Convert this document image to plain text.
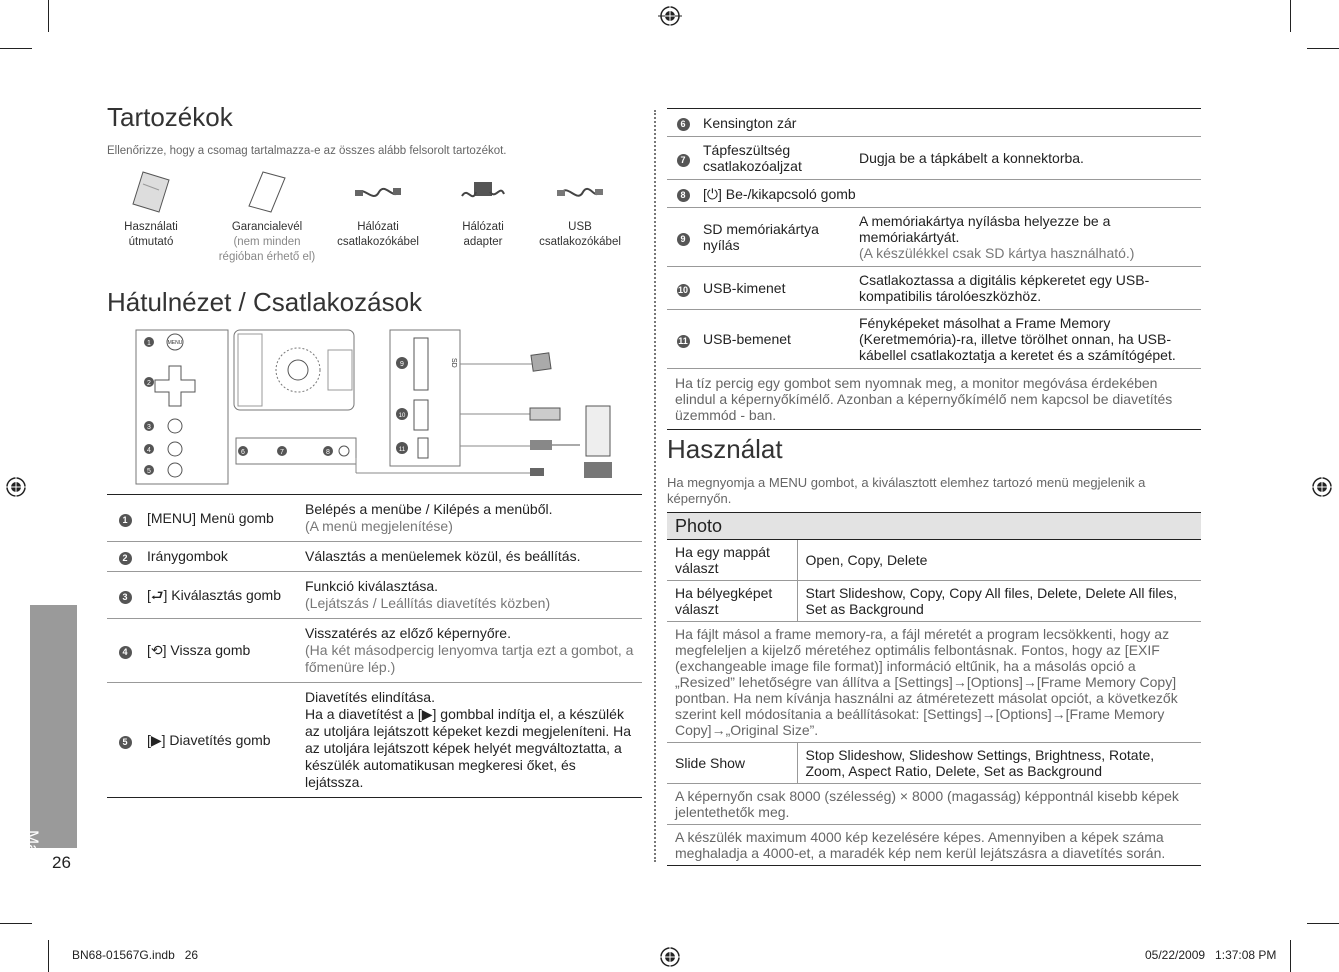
Tartozékok
Ellenőrizze, hogy a csomag tartalmazza-e az összes alább felsorolt tartozékot.
Használati útmutató
Garancialevél
(nem minden régióban érhető el)
Hálózati csatlakozókábel
Hálózati adapter
USB csatlakozókábel
Hátulnézet / Csatlakozások
1	MENU
2
3
4
5
6	7	8
9	SD
10
11
1	[MENU] Menü gomb	Belépés a menübe / Kilépés a menüből.
(A menü megjelenítése)

2	Iránygombok	Választás a menüelemek közül, és beállítás.
3	[⮐] Kiválasztás gomb	Funkció kiválasztása.
(Lejátszás / Leállítás diavetítés közben)

4	[⟲] Vissza gomb	Visszatérés az előző képernyőre.
(Ha két másodpercig lenyomva tartja ezt a gombot, a főmenüre lép.)

5	[▶] Diavetítés gomb	Diavetítés elindítása.
Ha a diavetítést a [▶] gombbal indítja el, a készülék az utoljára lejátszott képeket kezdi megjeleníteni. Ha az utoljára lejátszott képek helyét megváltoztatta, a készülék automatikusan megkeresi őket, és lejátssza.
6	Kensington zár	
7	Tápfeszültség csatlakozóaljzat	Dugja be a tápkábelt a konnektorba.
8	[⏻] Be-/kikapcsoló gomb	
9	SD memóriakártya nyílás	A memóriakártya nyílásba helyezze be a memóriakártyát.
(A készülékkel csak SD kártya használható.)

10	USB-kimenet	Csatlakoztassa a digitális képkeretet egy USB-kompatibilis tárolóeszközhöz.
11	USB-bemenet	Fényképeket másolhat a Frame Memory (Keretmemória)-ra, illetve törölhet onnan, ha USB-kábellel csatlakoztatja a keretet és a számítógépet.
Ha tíz percig egy gombot sem nyomnak meg, a monitor megóvása érdekében elindul a képernyőkímélő. Azonban a képernyőkímélő nem kapcsol be diavetítés üzemmód - ban.		
Használat
Ha megnyomja a MENU gombot, a kiválasztott elemhez tartozó menü megjelenik a képernyőn.
Photo	
Ha egy mappát választ	Open, Copy, Delete
Ha bélyegképet választ	Start Slideshow, Copy, Copy All files, Delete, Delete All files, Set as Background
Ha fájlt másol a frame memory-ra, a fájl méretét a program lecsökkenti, hogy az megfeleljen a kijelző méretéhez optimális felbontásnak. Fontos, hogy az [EXIF (exchangeable image file format)] információ eltűnik, ha a másolás opció a „Resized” lehetőségre van állítva a [Settings]→[Options]→[Frame Memory Copy] pontban. Ha nem kívánja használni az átméretezett másolat opciót, a következők szerint kell módosítania a beállításokat: [Settings]→[Options]→[Frame Memory Copy]→„Original Size”.	
Slide Show	Stop Slideshow, Slideshow Settings, Brightness, Rotate, Zoom, Aspect Ratio, Delete, Set as Background
A képernyőn csak 8000 (szélesség) × 8000 (magasság) képpontnál kisebb képek jelentethetők meg.	
A készülék maximum 4000 kép kezelésére képes. Amennyiben a képek száma meghaladja a 4000-et, a maradék kép nem kerül lejátszásra a diavetítés során.	
Magyar 26
BN68-01567G.indb   26	05/22/2009   1:37:08 PM
